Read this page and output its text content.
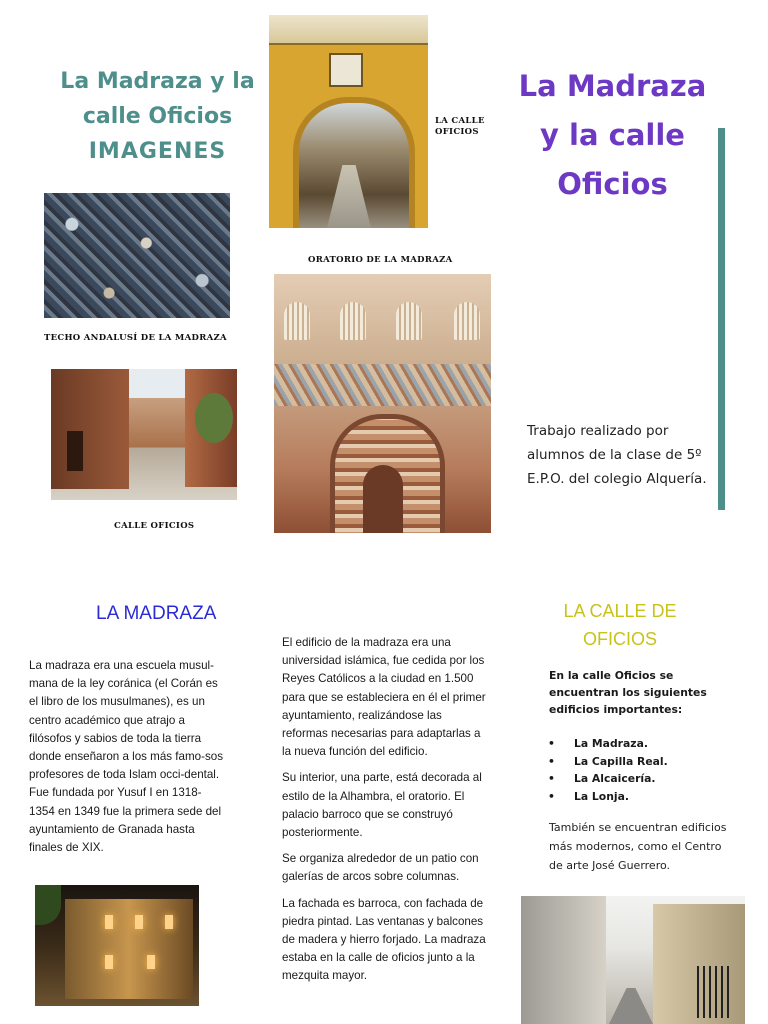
La Madraza y la
calle Oficios
IMAGENES
LA CALLE
OFICIOS
La Madraza
y la calle
Oficios
TECHO ANDALUSÍ DE LA MADRAZA
ORATORIO DE LA MADRAZA
CALLE OFICIOS
Trabajo realizado por alumnos de la clase de 5º E.P.O. del colegio Alquería.
LA MADRAZA
La madraza era una escuela musul-mana de la ley coránica (el Corán es el libro de los musulmanes), es un centro académico que atrajo a filósofos y sabios de toda la tierra donde enseñaron a los más famo-sos profesores de toda Islam occi-dental. Fue fundada por Yusuf I en 1318-1354 en 1349 fue la primera sede del ayuntamiento de Granada hasta finales de XIX.

El edificio de la madraza era una universidad islámica, fue cedida por los Reyes Católicos a la ciudad en 1.500 para que se estableciera en él el primer ayuntamiento, realizándose las reformas necesarias para adaptarlas a la nueva función del edificio.

Su interior, una parte, está decorada al estilo de la Alhambra, el oratorio. El palacio barroco que se construyó posteriormente.

Se organiza alrededor de un patio con galerías de arcos sobre columnas.

La fachada es barroca, con fachada de piedra pintad. Las ventanas y balcones de madera y hierro forjado. La madraza estaba en la calle de oficios junto a la mezquita mayor.

LA CALLE DE
OFICIOS
En la calle Oficios se encuentran los siguientes edificios importantes:
• La Madraza.
• La Capilla Real.
• La Alcaicería.
• La Lonja.
También se encuentran edificios más modernos, como el Centro de arte José Guerrero.
